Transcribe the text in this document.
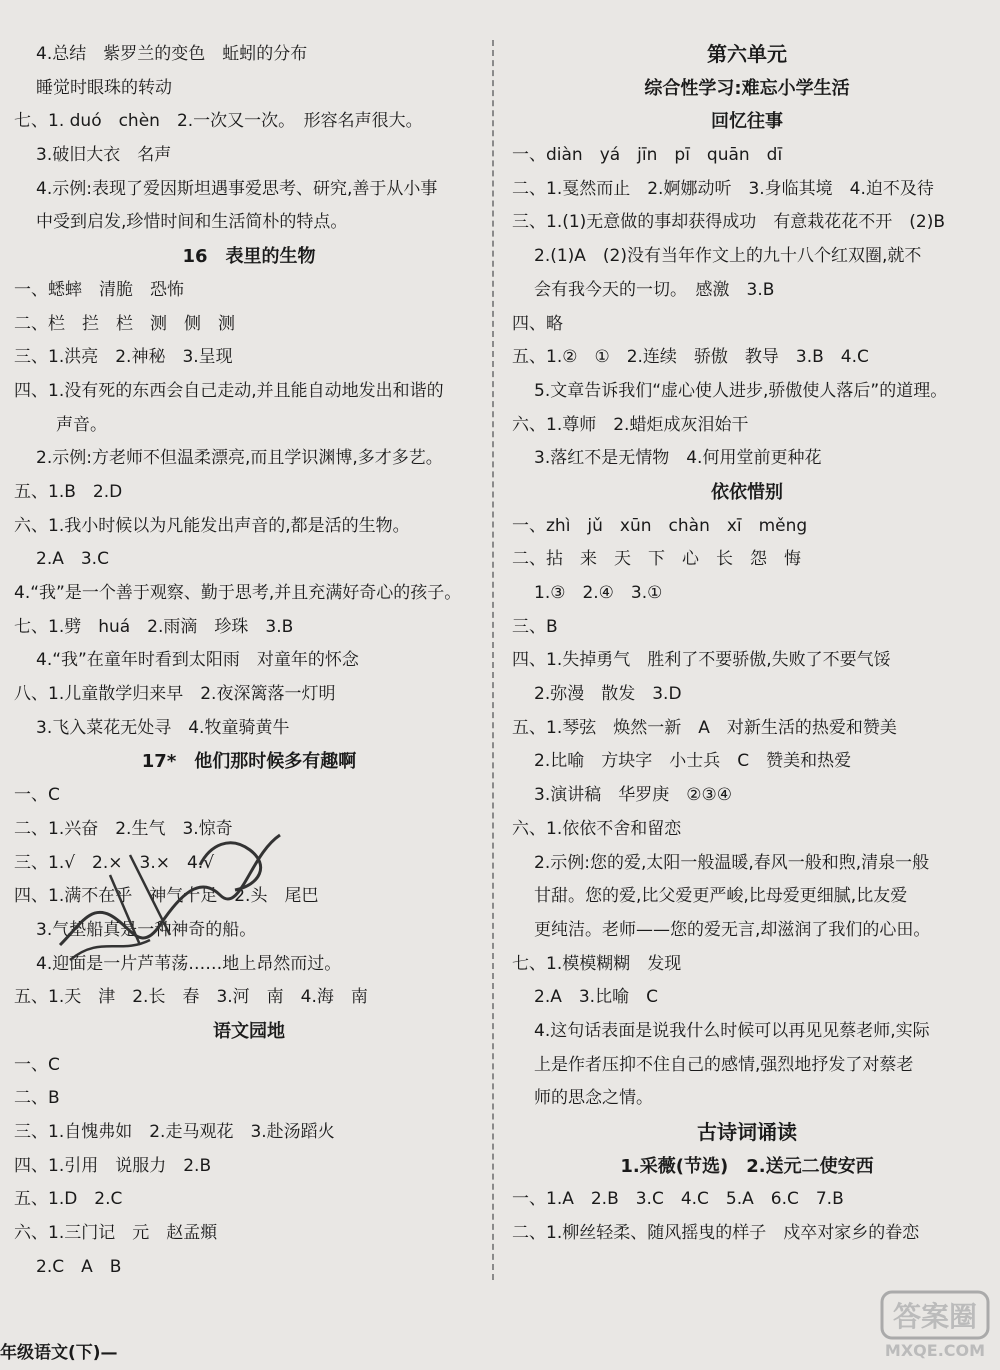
4.总结　紫罗兰的变色　蚯蚓的分布
睡觉时眼珠的转动
七、1. duó　chèn　2.一次又一次。　形容名声很大。
3.破旧大衣　名声
4.示例:表现了爱因斯坦遇事爱思考、研究,善于从小事
中受到启发,珍惜时间和生活简朴的特点。
16　表里的生物
一、蟋蟀　清脆　恐怖
二、栏　拦　栏　测　侧　测
三、1.洪亮　2.神秘　3.呈现
四、1.没有死的东西会自己走动,并且能自动地发出和谐的
声音。
2.示例:方老师不但温柔漂亮,而且学识渊博,多才多艺。
五、1.B　2.D
六、1.我小时候以为凡能发出声音的,都是活的生物。
2.A　3.C
4.“我”是一个善于观察、勤于思考,并且充满好奇心的孩子。
七、1.劈　huá　2.雨滴　珍珠　3.B
4.“我”在童年时看到太阳雨　对童年的怀念
八、1.儿童散学归来早　2.夜深篱落一灯明
3.飞入菜花无处寻　4.牧童骑黄牛
17*　他们那时候多有趣啊
一、C
二、1.兴奋　2.生气　3.惊奇
三、1.√　2.×　3.×　4.√
四、1.满不在乎　神气十足　2.头　尾巴
3.气垫船真是一种神奇的船。
4.迎面是一片芦苇荡……地上昂然而过。
五、1.天　津　2.长　春　3.河　南　4.海　南
语文园地
一、C
二、B
三、1.自愧弗如　2.走马观花　3.赴汤蹈火
四、1.引用　说服力　2.B
五、1.D　2.C
六、1.三门记　元　赵孟頫
2.C　A　B
第六单元
综合性学习:难忘小学生活
回忆往事
一、diàn　yá　jīn　pī　quān　dī
二、1.戛然而止　2.婀娜动听　3.身临其境　4.迫不及待
三、1.(1)无意做的事却获得成功　有意栽花花不开　(2)B
2.(1)A　(2)没有当年作文上的九十八个红双圈,就不
会有我今天的一切。　感激　3.B
四、略
五、1.②　①　2.连续　骄傲　教导　3.B　4.C
5.文章告诉我们“虚心使人进步,骄傲使人落后”的道理。
六、1.尊师　2.蜡炬成灰泪始干
3.落红不是无情物　4.何用堂前更种花
依依惜别
一、zhì　jǔ　xūn　chàn　xī　měng
二、拈　来　天　下　心　长　怨　悔
1.③　2.④　3.①
三、B
四、1.失掉勇气　胜利了不要骄傲,失败了不要气馁
2.弥漫　散发　3.D
五、1.琴弦　焕然一新　A　对新生活的热爱和赞美
2.比喻　方块字　小士兵　C　赞美和热爱
3.演讲稿　华罗庚　②③④
六、1.依依不舍和留恋
2.示例:您的爱,太阳一般温暖,春风一般和煦,清泉一般
甘甜。您的爱,比父爱更严峻,比母爱更细腻,比友爱
更纯洁。老师——您的爱无言,却滋润了我们的心田。
七、1.模模糊糊　发现
2.A　3.比喻　C
4.这句话表面是说我什么时候可以再见见蔡老师,实际
上是作者压抑不住自己的感情,强烈地抒发了对蔡老
师的思念之情。
古诗词诵读
1.采薇(节选)　2.送元二使安西
一、1.A　2.B　3.C　4.C　5.A　6.C　7.B
二、1.柳丝轻柔、随风摇曳的样子　戍卒对家乡的眷恋
年级语文(下)—
答案圈
MXQE.COM
